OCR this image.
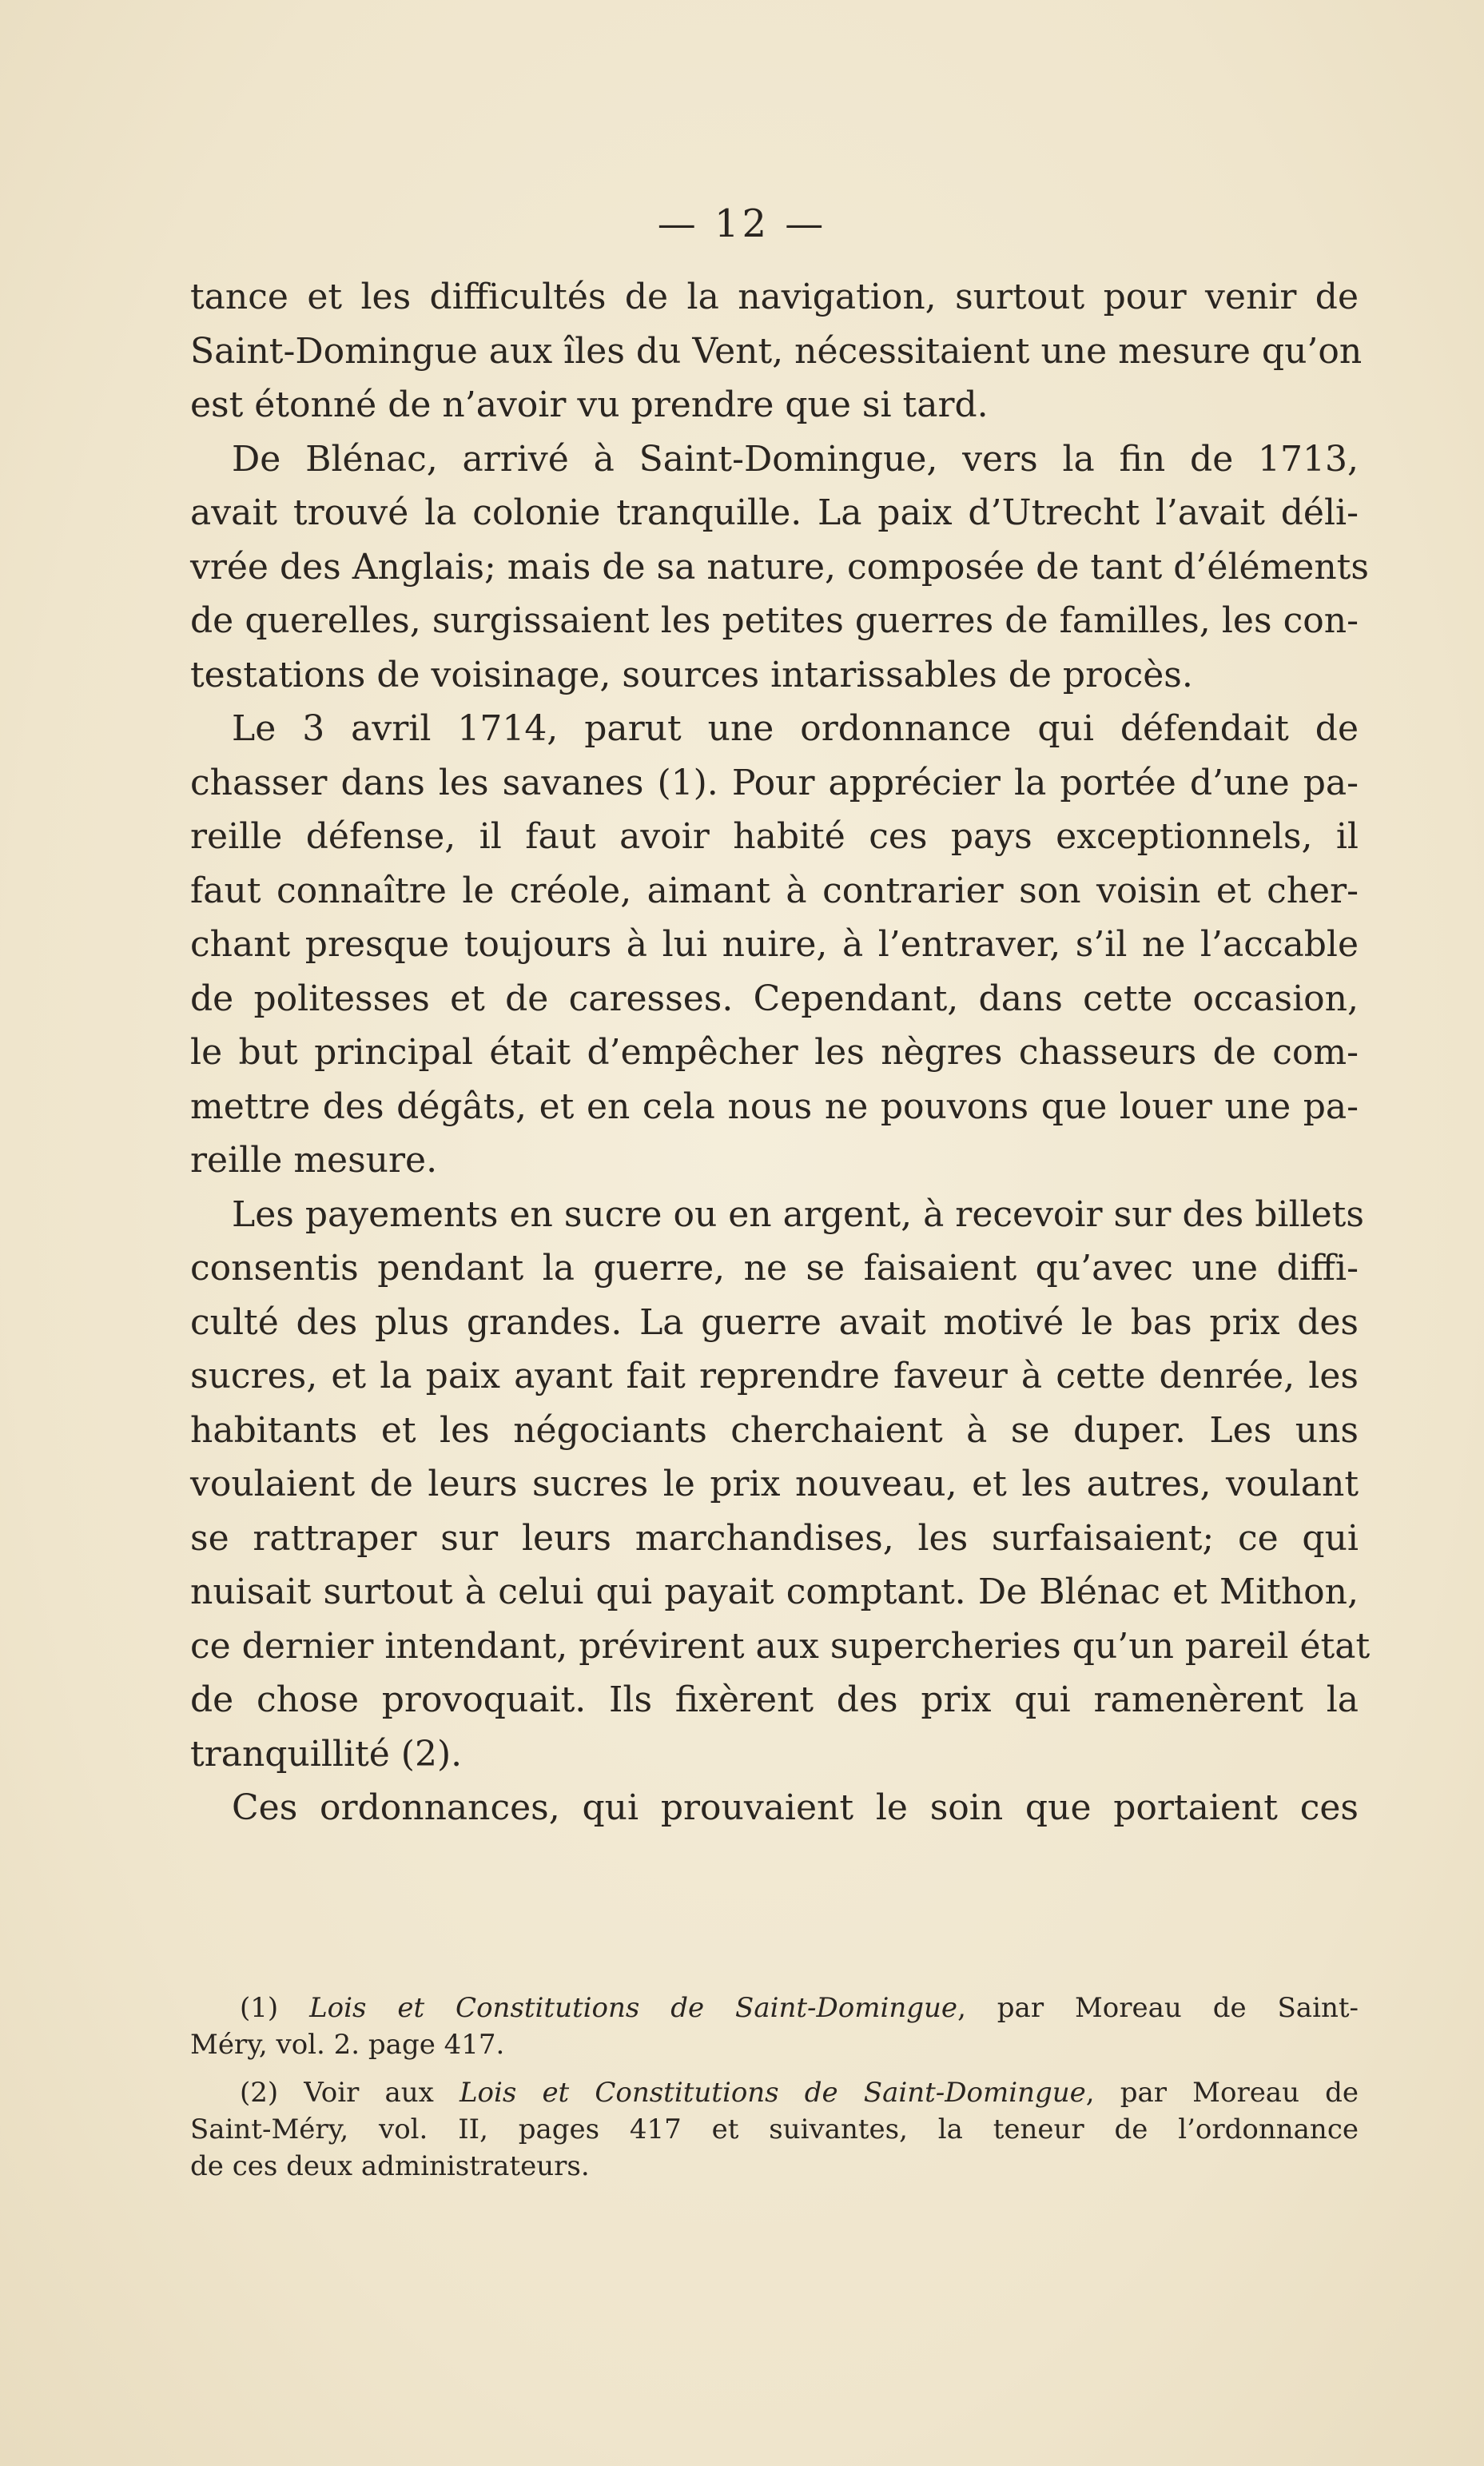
— 12 —
tance et les difficultés de la navigation, surtout pour venir de
Saint-Domingue aux îles du Vent, nécessitaient une mesure qu’on
est étonné de n’avoir vu prendre que si tard.
De Blénac, arrivé à Saint-Domingue, vers la fin de 1713,
avait trouvé la colonie tranquille. La paix d’Utrecht l’avait déli-
vrée des Anglais; mais de sa nature, composée de tant d’éléments
de querelles, surgissaient les petites guerres de familles, les con-
testations de voisinage, sources intarissables de procès.
Le 3 avril 1714, parut une ordonnance qui défendait de
chasser dans les savanes (1). Pour apprécier la portée d’une pa-
reille défense, il faut avoir habité ces pays exceptionnels, il
faut connaître le créole, aimant à contrarier son voisin et cher-
chant presque toujours à lui nuire, à l’entraver, s’il ne l’accable
de politesses et de caresses. Cependant, dans cette occasion,
le but principal était d’empêcher les nègres chasseurs de com-
mettre des dégâts, et en cela nous ne pouvons que louer une pa-
reille mesure.
Les payements en sucre ou en argent, à recevoir sur des billets
consentis pendant la guerre, ne se faisaient qu’avec une diffi-
culté des plus grandes. La guerre avait motivé le bas prix des
sucres, et la paix ayant fait reprendre faveur à cette denrée, les
habitants et les négociants cherchaient à se duper. Les uns
voulaient de leurs sucres le prix nouveau, et les autres, voulant
se rattraper sur leurs marchandises, les surfaisaient; ce qui
nuisait surtout à celui qui payait comptant. De Blénac et Mithon,
ce dernier intendant, prévirent aux supercheries qu’un pareil état
de chose provoquait. Ils fixèrent des prix qui ramenèrent la
tranquillité (2).
Ces ordonnances, qui prouvaient le soin que portaient ces
(1) Lois et Constitutions de Saint-Domingue, par Moreau de Saint-
Méry, vol. 2. page 417.
(2) Voir aux Lois et Constitutions de Saint-Domingue, par Moreau de
Saint-Méry, vol. II, pages 417 et suivantes, la teneur de l’ordonnance
de ces deux administrateurs.
